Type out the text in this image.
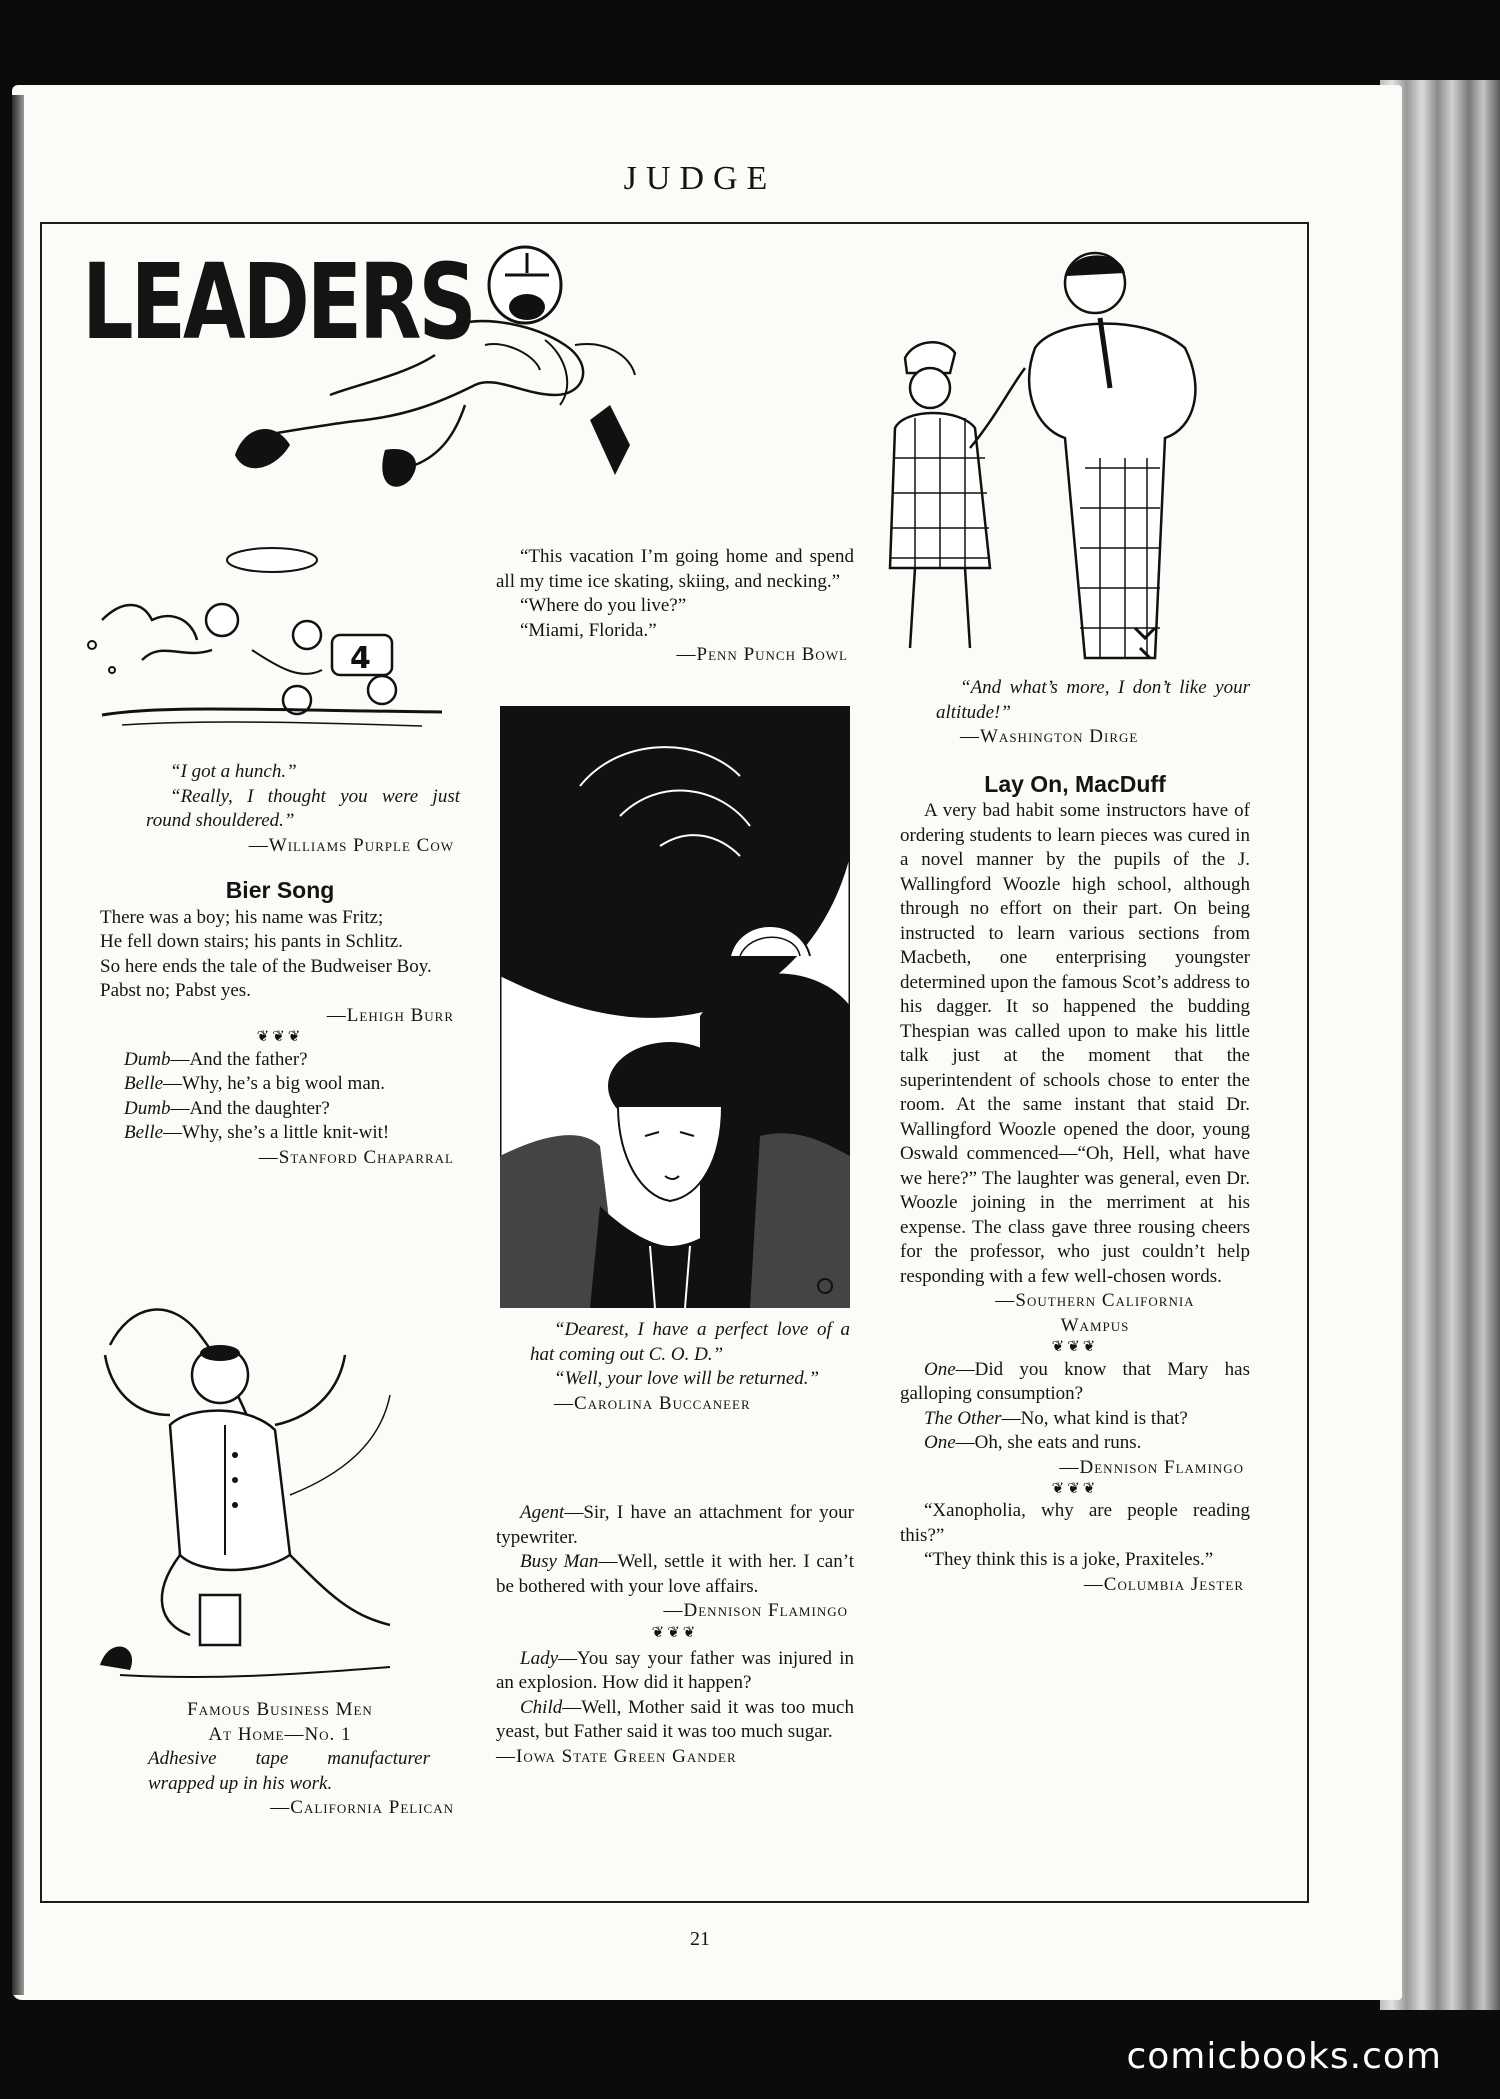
JUDGE
LEADERS
4

“I got a hunch.”

“Really, I thought you were just round shouldered.”

—Williams Purple Cow

Bier Song

There was a boy; his name was Fritz;

He fell down stairs; his pants in Schlitz.

So here ends the tale of the Budweiser Boy.

Pabst no; Pabst yes.

—Lehigh Burr

❦❦❦

Dumb—And the father?

Belle—Why, he’s a big wool man.

Dumb—And the daughter?

Belle—Why, she’s a little knit-wit!

—Stanford Chaparral

Famous Business Men

At Home—No. 1

Adhesive tape manufacturer wrapped up in his work.

—California Pelican

“This vacation I’m going home and spend all my time ice skating, skiing, and necking.”

“Where do you live?”

“Miami, Florida.”

—Penn Punch Bowl

“Dearest, I have a perfect love of a hat coming out C. O. D.”

“Well, your love will be returned.”

—Carolina Buccaneer

Agent—Sir, I have an attachment for your typewriter.

Busy Man—Well, settle it with her. I can’t be bothered with your love affairs.

—Dennison Flamingo

❦❦❦

Lady—You say your father was injured in an explosion. How did it happen?

Child—Well, Mother said it was too much yeast, but Father said it was too much sugar.

—Iowa State Green Gander

“And what’s more, I don’t like your altitude!”

—Washington Dirge

Lay On, MacDuff

A very bad habit some instructors have of ordering students to learn pieces was cured in a novel manner by the pupils of the J. Wallingford Woozle high school, although through no effort on their part. On being instructed to learn various sections from Macbeth, one enterprising youngster determined upon the famous Scot’s address to his dagger. It so happened the budding Thespian was called upon to make his little talk just at the moment that the superintendent of schools chose to enter the room. At the same instant that staid Dr. Wallingford Woozle opened the door, young Oswald commenced—“Oh, Hell, what have we here?” The laughter was general, even Dr. Woozle joining in the merriment at his expense. The class gave three rousing cheers for the professor, who just couldn’t help responding with a few well-chosen words.

—Southern California

Wampus

❦❦❦

One—Did you know that Mary has galloping consumption?

The Other—No, what kind is that?

One—Oh, she eats and runs.

—Dennison Flamingo

❦❦❦

“Xanopholia, why are people reading this?”

“They think this is a joke, Praxiteles.”

—Columbia Jester

21
comicbooks.com
